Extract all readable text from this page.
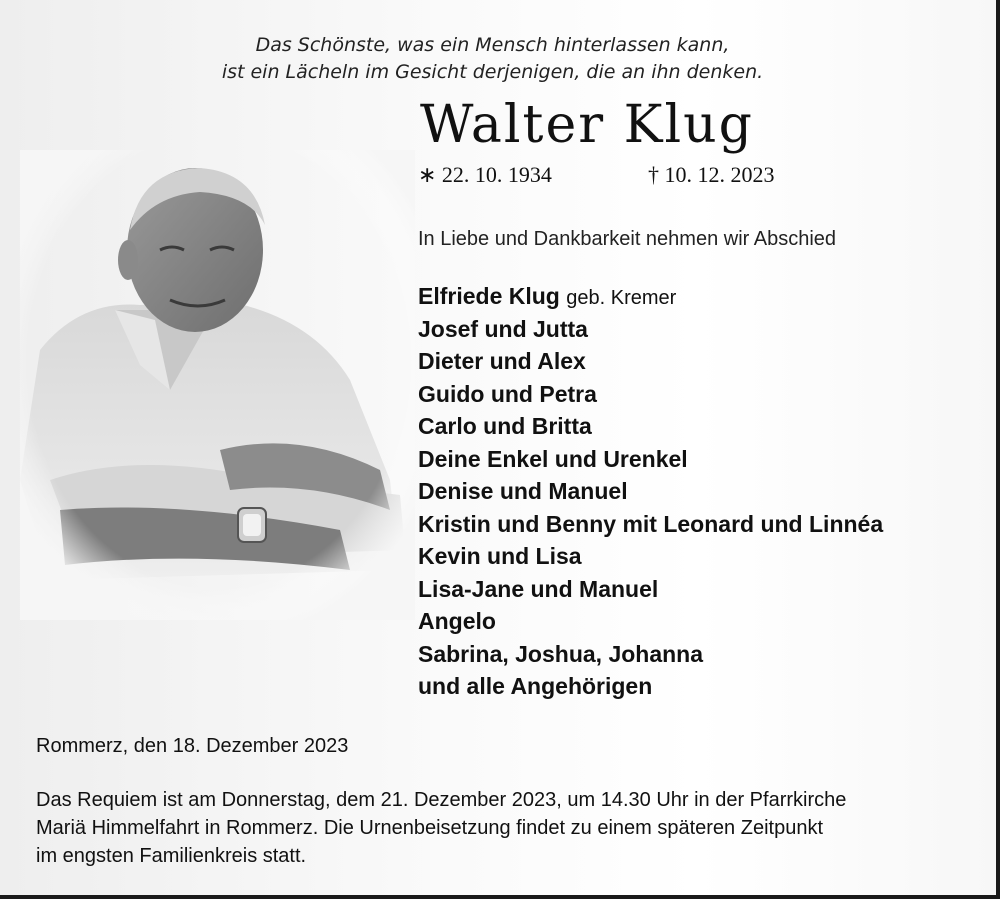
Das Schönste, was ein Mensch hinterlassen kann,
ist ein Lächeln im Gesicht derjenigen, die an ihn denken.
Walter Klug
∗ 22. 10. 1934	† 10. 12. 2023
In Liebe und Dankbarkeit nehmen wir Abschied
Elfriede Klug geb. Kremer
Josef und Jutta
Dieter und Alex
Guido und Petra
Carlo und Britta
Deine Enkel und Urenkel
Denise und Manuel
Kristin und Benny mit Leonard und Linnéa
Kevin und Lisa
Lisa-Jane und Manuel
Angelo
Sabrina, Joshua, Johanna
und alle Angehörigen
Rommerz, den 18. Dezember 2023
Das Requiem ist am Donnerstag, dem 21. Dezember 2023, um 14.30 Uhr in der Pfarrkirche
Mariä Himmelfahrt in Rommerz. Die Urnenbeisetzung findet zu einem späteren Zeitpunkt
im engsten Familienkreis statt.
